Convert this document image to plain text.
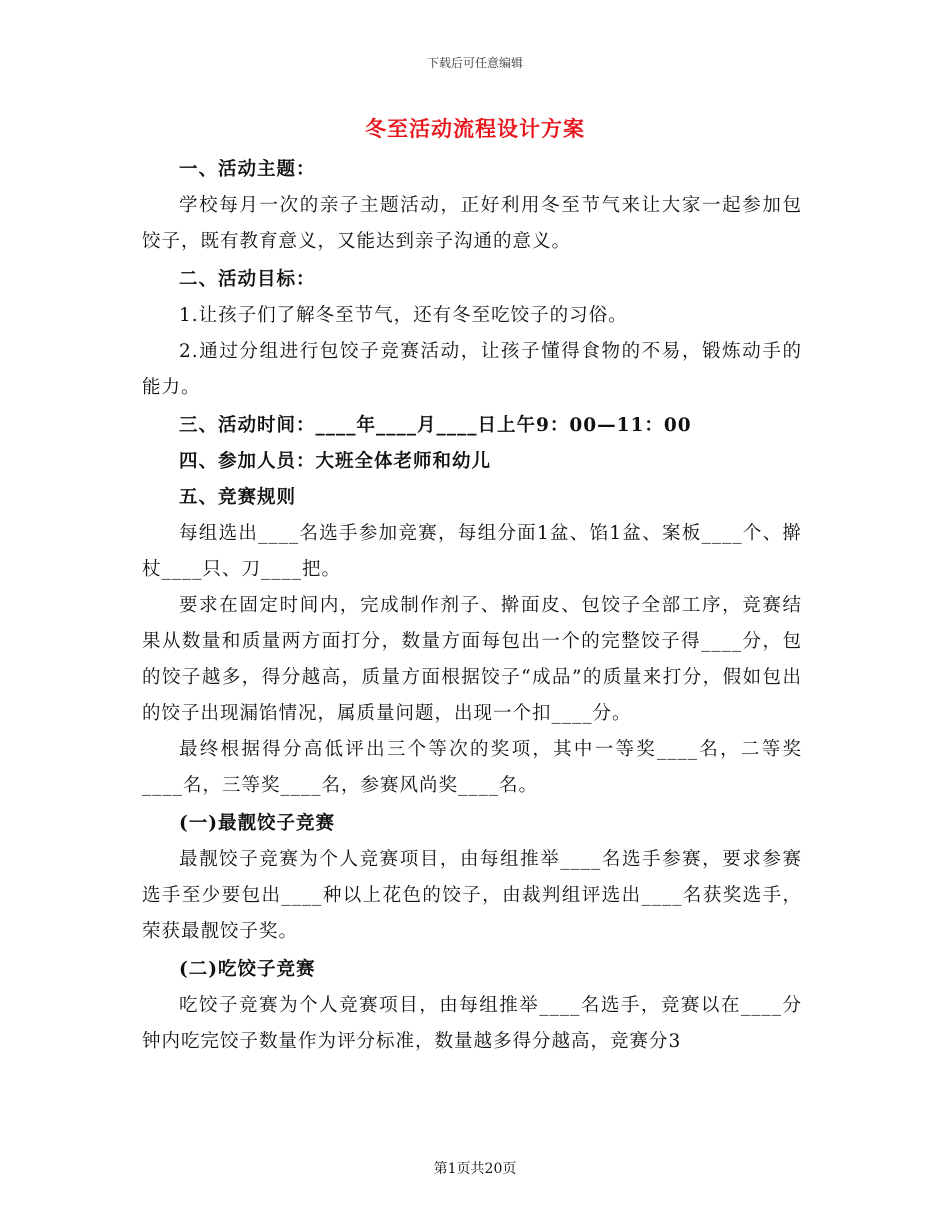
下载后可任意编辑
冬至活动流程设计方案

一、活动主题：

学校每月一次的亲子主题活动，正好利用冬至节气来让大家一起参加包饺子，既有教育意义，又能达到亲子沟通的意义。

二、活动目标：

1.让孩子们了解冬至节气，还有冬至吃饺子的习俗。

2.通过分组进行包饺子竞赛活动，让孩子懂得食物的不易，锻炼动手的能力。

三、活动时间：____年____月____日上午9：00—11：00

四、参加人员：大班全体老师和幼儿

五、竞赛规则

每组选出____名选手参加竞赛，每组分面1盆、馅1盆、案板____个、擀杖____只、刀____把。

要求在固定时间内，完成制作剂子、擀面皮、包饺子全部工序，竞赛结果从数量和质量两方面打分，数量方面每包出一个的完整饺子得____分，包的饺子越多，得分越高，质量方面根据饺子“成品”的质量来打分，假如包出的饺子出现漏馅情况，属质量问题，出现一个扣____分。

最终根据得分高低评出三个等次的奖项，其中一等奖____名，二等奖____名，三等奖____名，参赛风尚奖____名。

(一)最靓饺子竞赛

最靓饺子竞赛为个人竞赛项目，由每组推举____名选手参赛，要求参赛选手至少要包出____种以上花色的饺子，由裁判组评选出____名获奖选手，荣获最靓饺子奖。

(二)吃饺子竞赛

吃饺子竞赛为个人竞赛项目，由每组推举____名选手，竞赛以在____分钟内吃完饺子数量作为评分标准，数量越多得分越高，竞赛分3

第1页共20页
